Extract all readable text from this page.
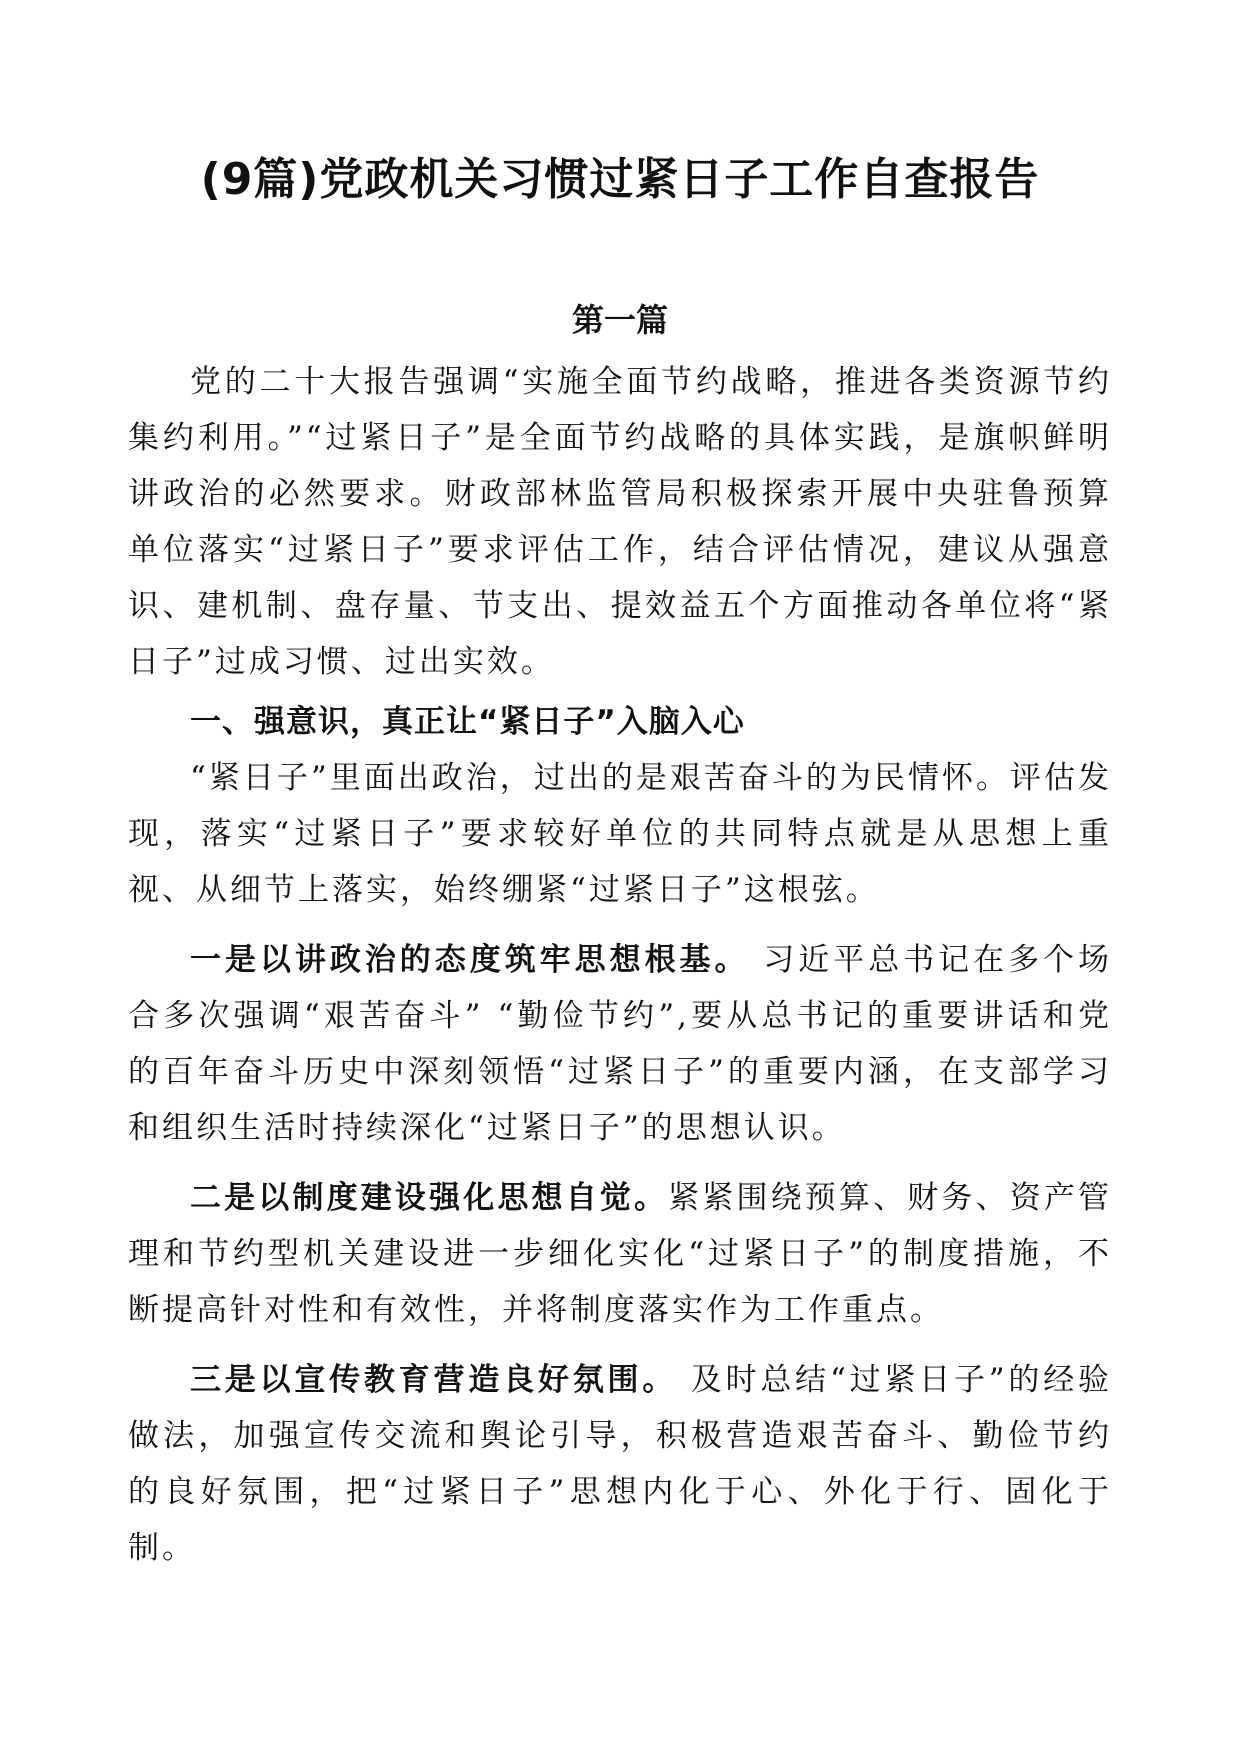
(9篇)党政机关习惯过紧日子工作自查报告
第一篇

党的二十大报告强调“实施全面节约战略，推进各类资源节约集约利用。”“过紧日子”是全面节约战略的具体实践，是旗帜鲜明讲政治的必然要求。财政部林监管局积极探索开展中央驻鲁预算单位落实“过紧日子”要求评估工作，结合评估情况，建议从强意识、建机制、盘存量、节支出、提效益五个方面推动各单位将“紧日子”过成习惯、过出实效。

一、强意识，真正让“紧日子”入脑入心

“紧日子”里面出政治，过出的是艰苦奋斗的为民情怀。评估发现，落实“过紧日子”要求较好单位的共同特点就是从思想上重视、从细节上落实，始终绷紧“过紧日子”这根弦。

一是以讲政治的态度筑牢思想根基。 习近平总书记在多个场合多次强调“艰苦奋斗” “勤俭节约”,要从总书记的重要讲话和党的百年奋斗历史中深刻领悟“过紧日子”的重要内涵，在支部学习和组织生活时持续深化“过紧日子”的思想认识。

二是以制度建设强化思想自觉。紧紧围绕预算、财务、资产管理和节约型机关建设进一步细化实化“过紧日子”的制度措施，不断提高针对性和有效性，并将制度落实作为工作重点。

三是以宣传教育营造良好氛围。 及时总结“过紧日子”的经验做法，加强宣传交流和舆论引导，积极营造艰苦奋斗、勤俭节约的良好氛围，把“过紧日子”思想内化于心、外化于行、固化于制。
